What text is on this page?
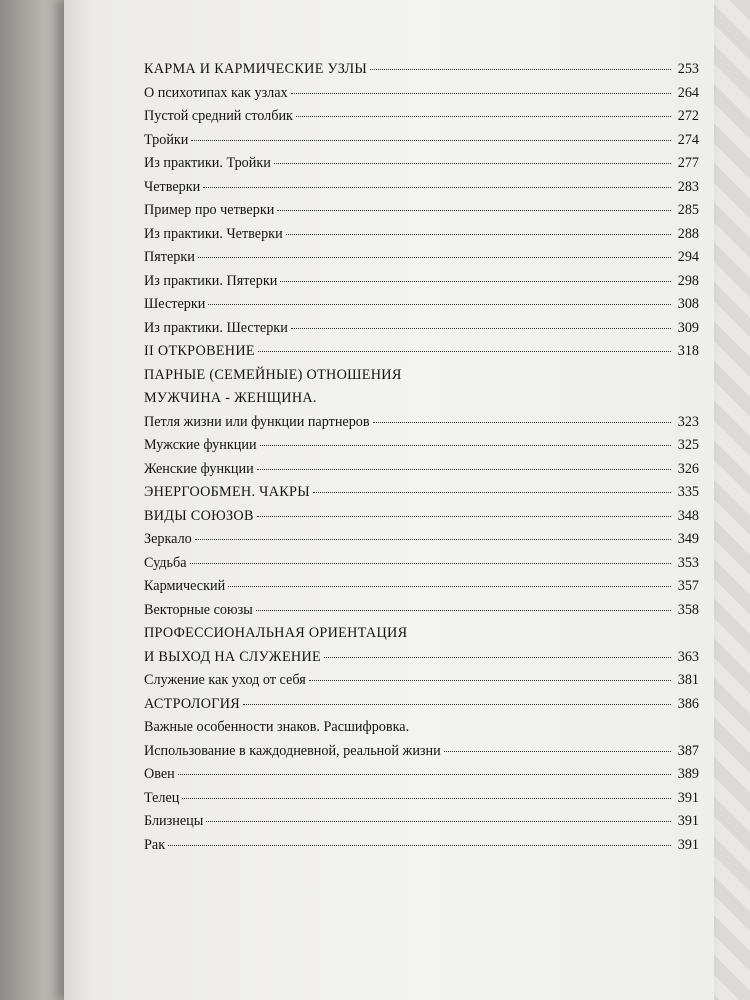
КАРМА И КАРМИЧЕСКИЕ УЗЛЫ	253
О психотипах как узлах	264
Пустой средний столбик	272
Тройки	274
Из практики. Тройки	277
Четверки	283
Пример про четверки	285
Из практики. Четверки	288
Пятерки	294
Из практики. Пятерки	298
Шестерки	308
Из практики. Шестерки	309
II ОТКРОВЕНИЕ	318
ПАРНЫЕ (СЕМЕЙНЫЕ) ОТНОШЕНИЯ
МУЖЧИНА - ЖЕНЩИНА.
Петля жизни или функции партнеров	323
Мужские функции	325
Женские функции	326
ЭНЕРГООБМЕН. ЧАКРЫ	335
ВИДЫ СОЮЗОВ	348
Зеркало	349
Судьба	353
Кармический	357
Векторные союзы	358
ПРОФЕССИОНАЛЬНАЯ ОРИЕНТАЦИЯ
И ВЫХОД НА СЛУЖЕНИЕ	363
Служение как уход от себя	381
АСТРОЛОГИЯ	386
Важные особенности знаков. Расшифровка.
Использование в каждодневной, реальной жизни	387
Овен	389
Телец	391
Близнецы	391
Рак	391
